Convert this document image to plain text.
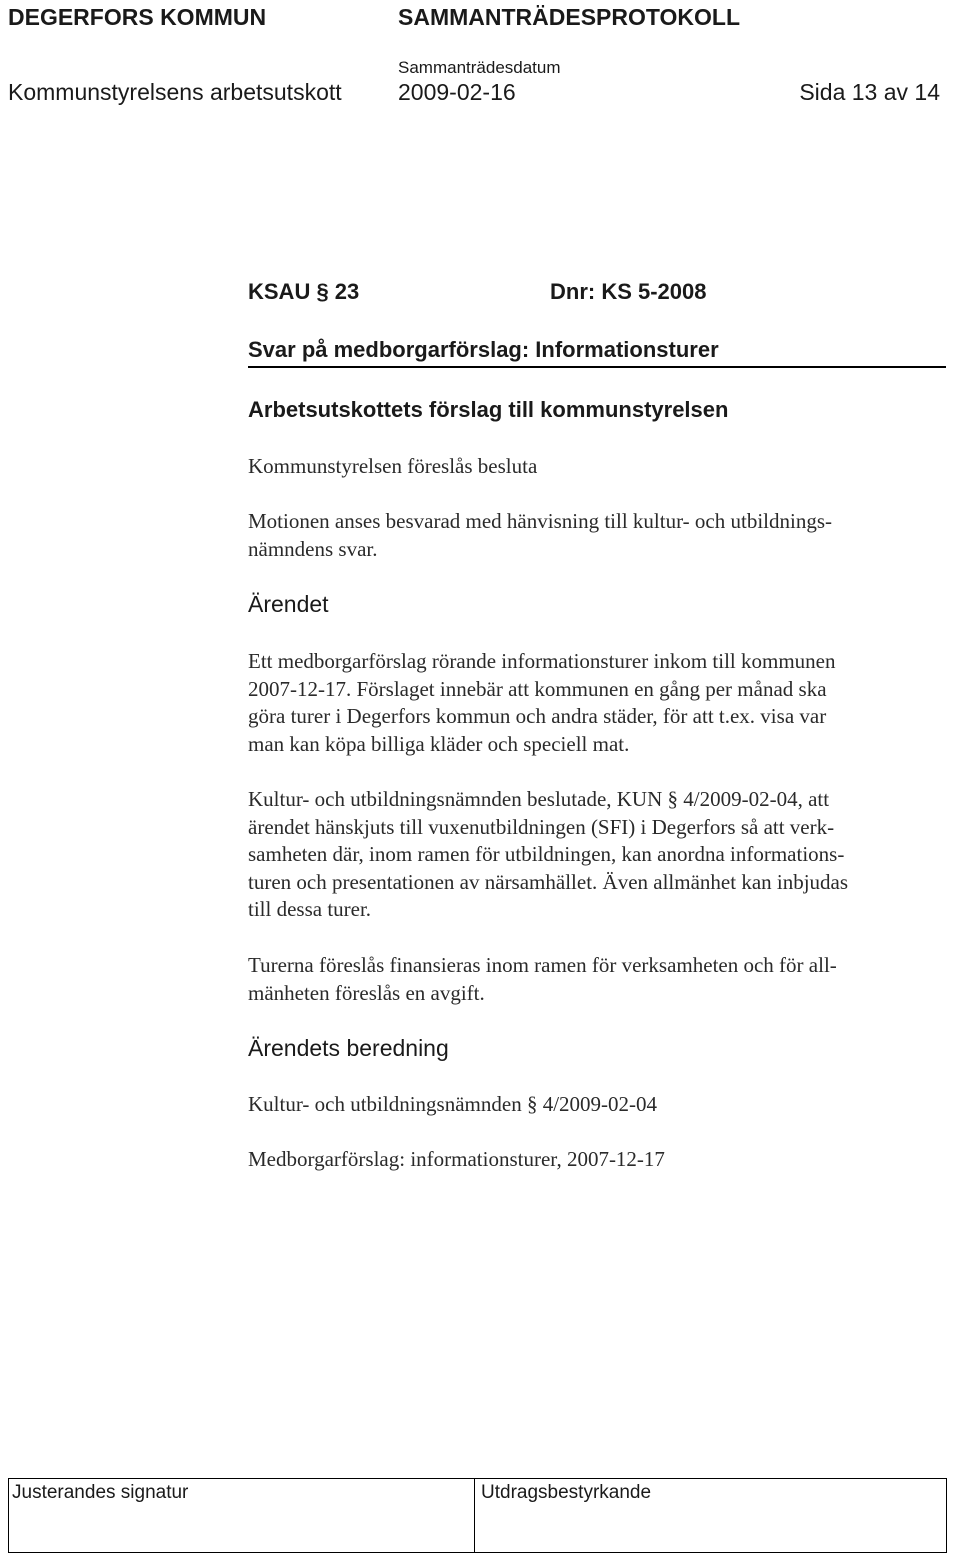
DEGERFORS KOMMUN	SAMMANTRÄDESPROTOKOLL
Sammanträdesdatum
Kommunstyrelsens arbetsutskott 2009-02-16	Sida 13 av 14
KSAU § 23	Dnr: KS 5-2008
Svar på medborgarförslag: Informationsturer
Arbetsutskottets förslag till kommunstyrelsen
Kommunstyrelsen föreslås besluta
Motionen anses besvarad med hänvisning till kultur- och utbildnings-
nämndens svar.
Ärendet
Ett medborgarförslag rörande informationsturer inkom till kommunen
2007-12-17. Förslaget innebär att kommunen en gång per månad ska
göra turer i Degerfors kommun och andra städer, för att t.ex. visa var
man kan köpa billiga kläder och speciell mat.
Kultur- och utbildningsnämnden beslutade, KUN § 4/2009-02-04, att
ärendet hänskjuts till vuxenutbildningen (SFI) i Degerfors så att verk-
samheten där, inom ramen för utbildningen, kan anordna informations-
turen och presentationen av närsamhället. Även allmänhet kan inbjudas
till dessa turer.
Turerna föreslås finansieras inom ramen för verksamheten och för all-
mänheten föreslås en avgift.
Ärendets beredning
Kultur- och utbildningsnämnden § 4/2009-02-04
Medborgarförslag: informationsturer, 2007-12-17
Justerandes signatur	Utdragsbestyrkande
